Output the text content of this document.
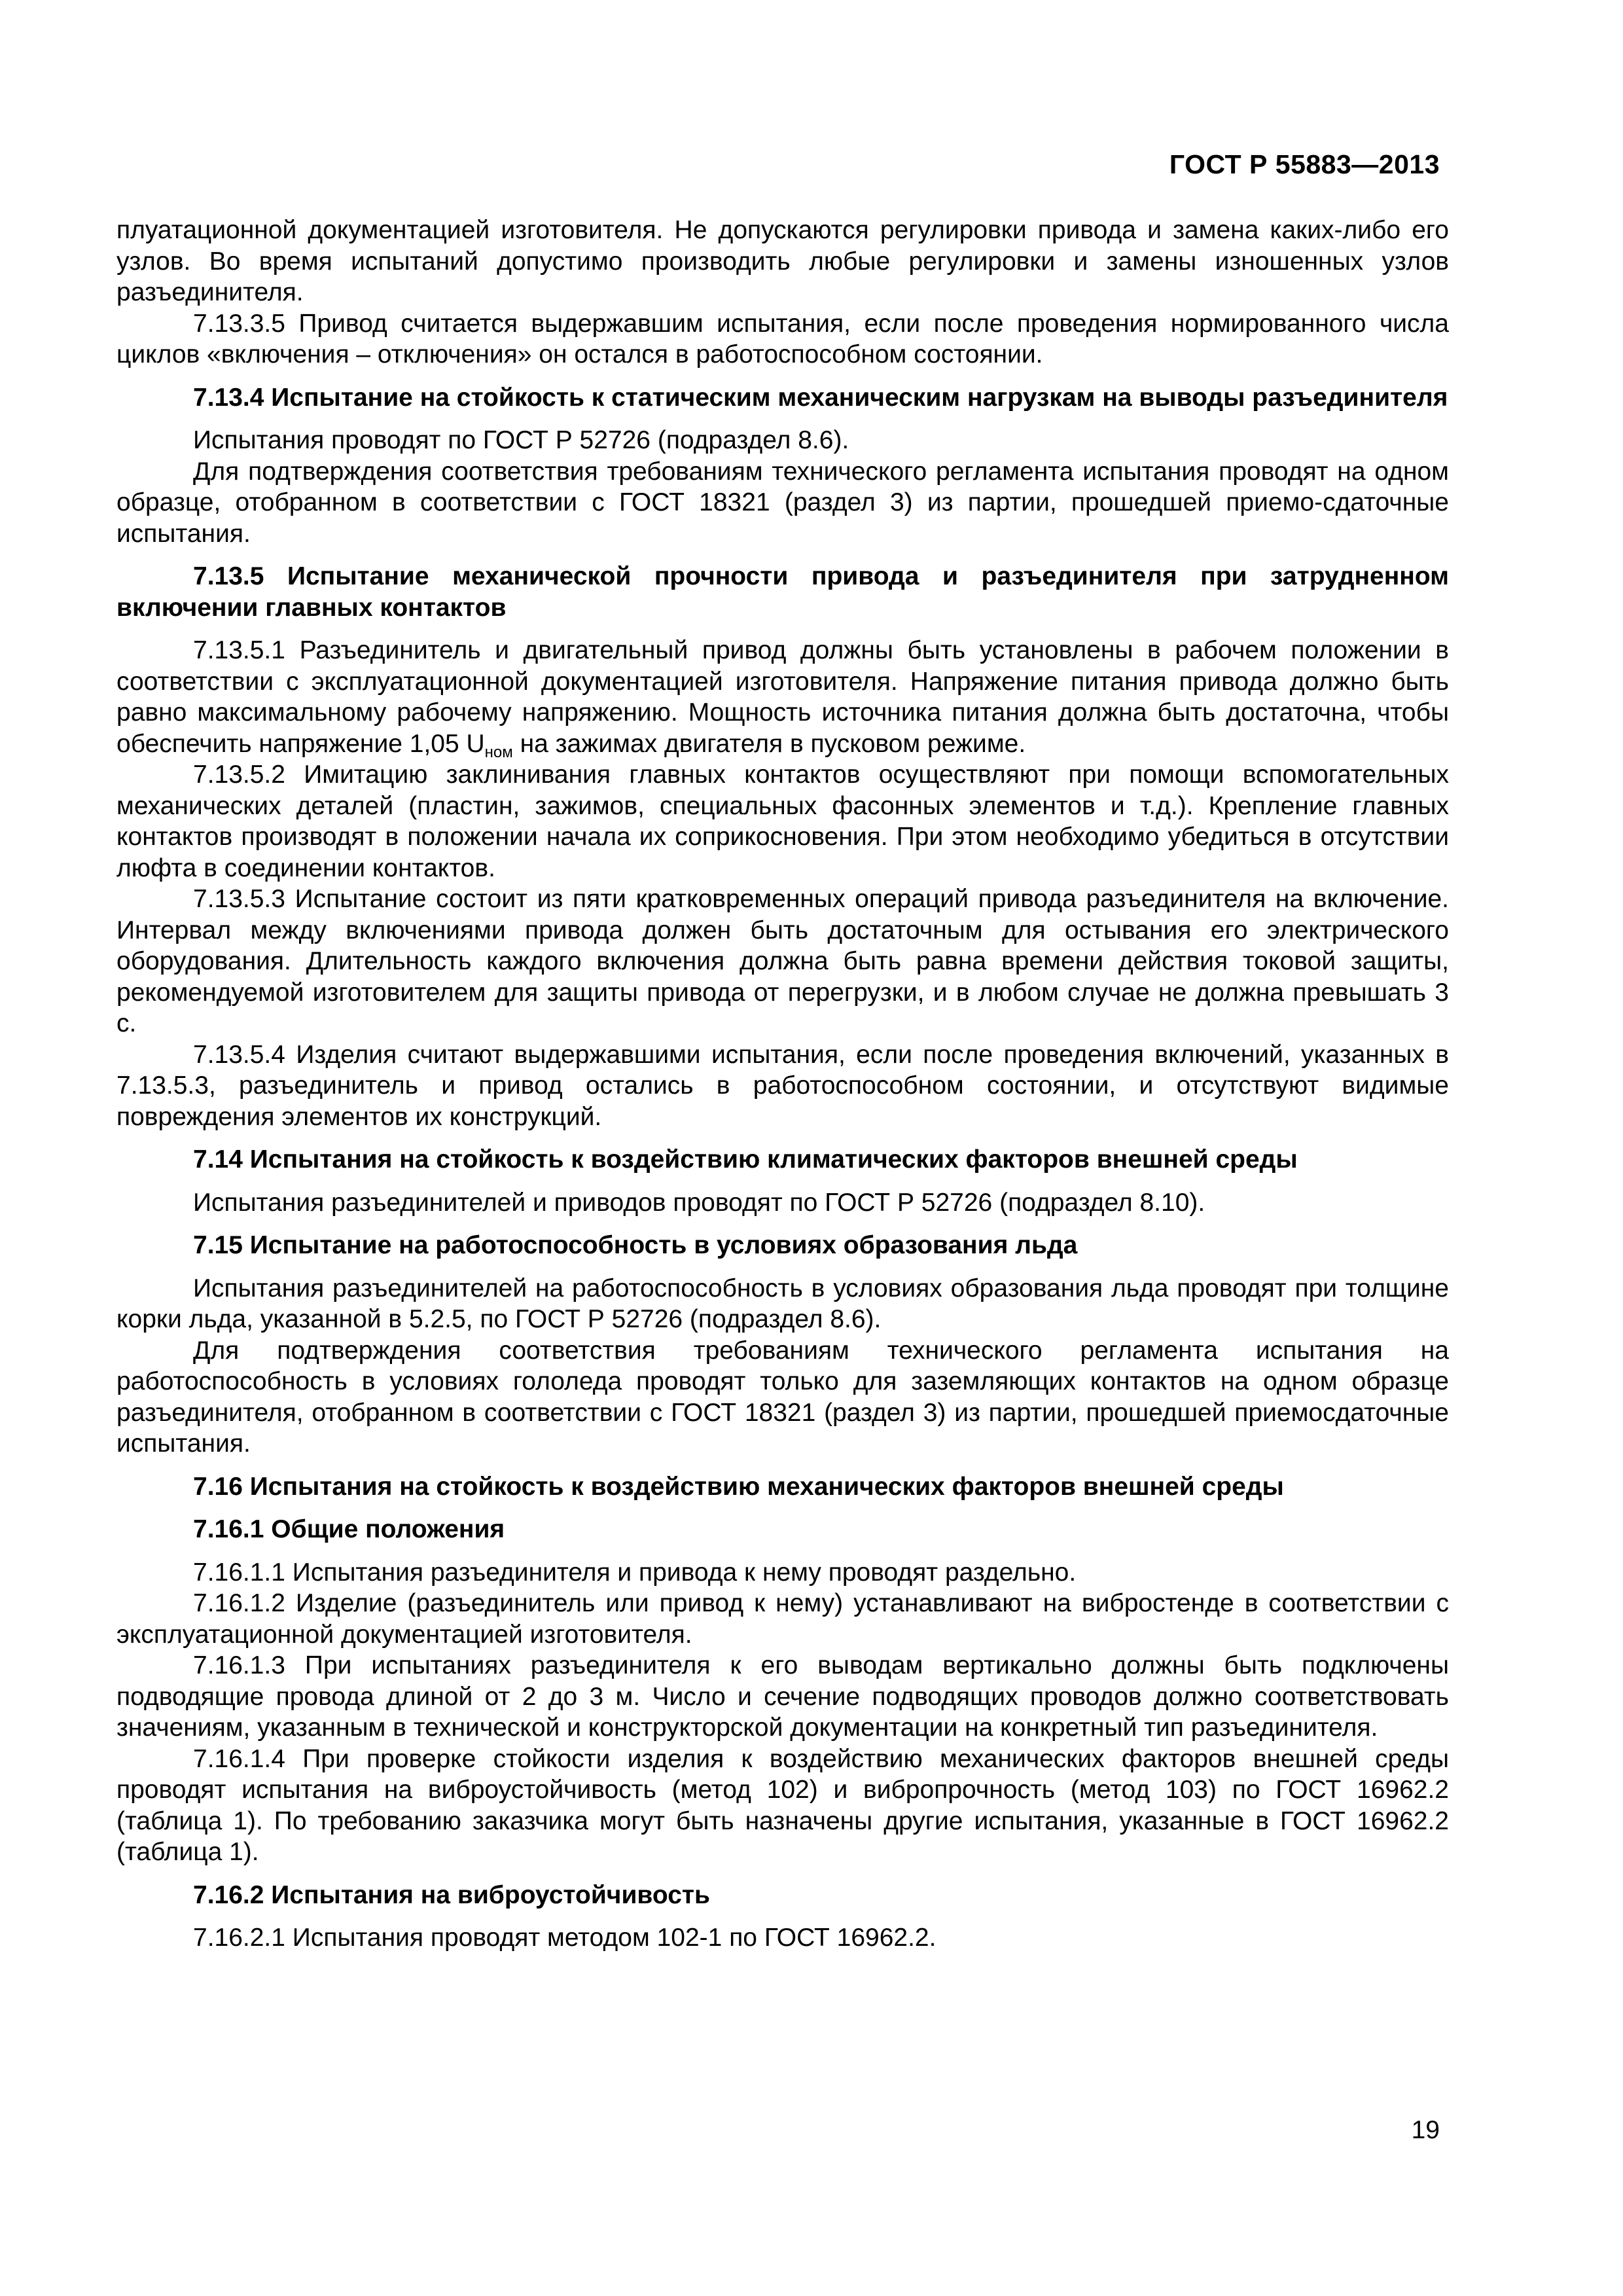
ГОСТ Р 55883—2013

плуатационной документацией изготовителя. Не допускаются регулировки привода и замена каких-либо его узлов. Во время испытаний допустимо производить любые регулировки и замены изношенных узлов разъединителя.

7.13.3.5 Привод считается выдержавшим испытания, если после проведения нормированного числа циклов «включения – отключения» он остался в работоспособном состоянии.

7.13.4 Испытание на стойкость к статическим механическим нагрузкам на выводы разъединителя

Испытания проводят по ГОСТ Р 52726 (подраздел 8.6).

Для подтверждения соответствия требованиям технического регламента испытания проводят на одном образце, отобранном в соответствии с ГОСТ 18321 (раздел 3) из партии, прошедшей приемо-сдаточные испытания.

7.13.5 Испытание механической прочности привода и разъединителя при затрудненном включении главных контактов

7.13.5.1 Разъединитель и двигательный привод должны быть установлены в рабочем положении в соответствии с эксплуатационной документацией изготовителя. Напряжение питания привода должно быть равно максимальному рабочему напряжению. Мощность источника питания должна быть достаточна, чтобы обеспечить напряжение 1,05 $U_{ном}$ на зажимах двигателя в пусковом режиме.

7.13.5.2 Имитацию заклинивания главных контактов осуществляют при помощи вспомогательных механических деталей (пластин, зажимов, специальных фасонных элементов и т.д.). Крепление главных контактов производят в положении начала их соприкосновения. При этом необходимо убедиться в отсутствии люфта в соединении контактов.

7.13.5.3 Испытание состоит из пяти кратковременных операций привода разъединителя на включение. Интервал между включениями привода должен быть достаточным для остывания его электрического оборудования. Длительность каждого включения должна быть равна времени действия токовой защиты, рекомендуемой изготовителем для защиты привода от перегрузки, и в любом случае не должна превышать 3 с.

7.13.5.4 Изделия считают выдержавшими испытания, если после проведения включений, указанных в 7.13.5.3, разъединитель и привод остались в работоспособном состоянии, и отсутствуют видимые повреждения элементов их конструкций.

7.14 Испытания на стойкость к воздействию климатических факторов внешней среды

Испытания разъединителей и приводов проводят по ГОСТ Р 52726 (подраздел 8.10).

7.15 Испытание на работоспособность в условиях образования льда

Испытания разъединителей на работоспособность в условиях образования льда проводят при толщине корки льда, указанной в 5.2.5, по ГОСТ Р 52726 (подраздел 8.6).

Для подтверждения соответствия требованиям технического регламента испытания на работоспособность в условиях гололеда проводят только для заземляющих контактов на одном образце разъединителя, отобранном в соответствии с ГОСТ 18321 (раздел 3) из партии, прошедшей приемосдаточные испытания.

7.16 Испытания на стойкость к воздействию механических факторов внешней среды

7.16.1 Общие положения

7.16.1.1 Испытания разъединителя и привода к нему проводят раздельно.

7.16.1.2 Изделие (разъединитель или привод к нему) устанавливают на вибростенде в соответствии с эксплуатационной документацией изготовителя.

7.16.1.3 При испытаниях разъединителя к его выводам вертикально должны быть подключены подводящие провода длиной от 2 до 3 м. Число и сечение подводящих проводов должно соответствовать значениям, указанным в технической и конструкторской документации на конкретный тип разъединителя.

7.16.1.4 При проверке стойкости изделия к воздействию механических факторов внешней среды проводят испытания на виброустойчивость (метод 102) и вибропрочность (метод 103) по ГОСТ 16962.2 (таблица 1). По требованию заказчика могут быть назначены другие испытания, указанные в ГОСТ 16962.2 (таблица 1).

7.16.2 Испытания на виброустойчивость

7.16.2.1 Испытания проводят методом 102-1 по ГОСТ 16962.2.

19
